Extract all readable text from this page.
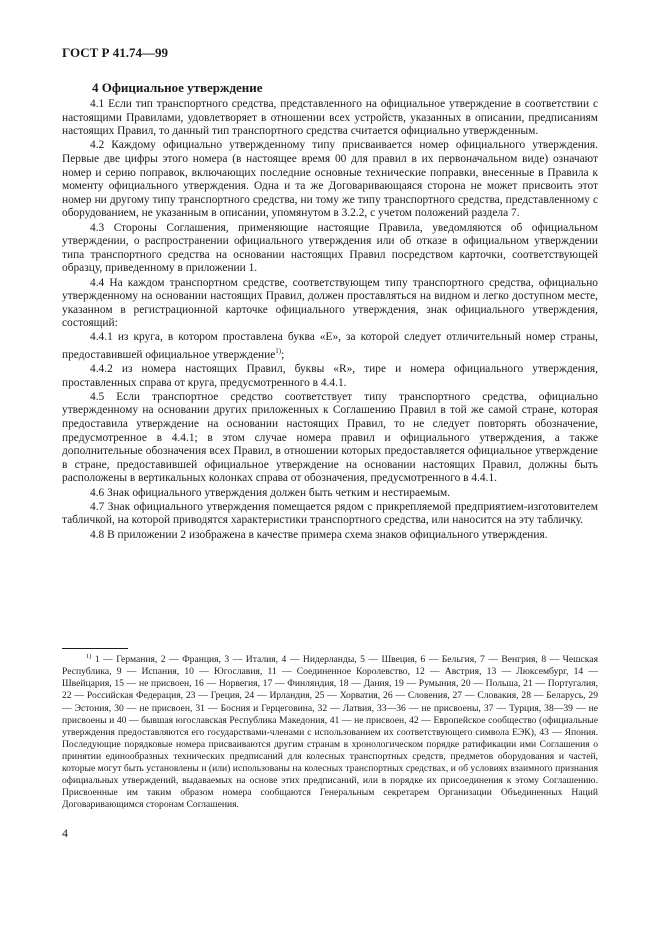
ГОСТ Р 41.74—99
4 Официальное утверждение

4.1 Если тип транспортного средства, представленного на официальное утверждение в соответствии с настоящими Правилами, удовлетворяет в отношении всех устройств, указанных в описании, предписаниям настоящих Правил, то данный тип транспортного средства считается официально утвержденным.

4.2 Каждому официально утвержденному типу присваивается номер официального утверждения. Первые две цифры этого номера (в настоящее время 00 для правил в их первоначальном виде) означают номер и серию поправок, включающих последние основные технические поправки, внесенные в Правила к моменту официального утверждения. Одна и та же Договаривающаяся сторона не может присвоить этот номер ни другому типу транспортного средства, ни тому же типу транспортного средства, представленному с оборудованием, не указанным в описании, упомянутом в 3.2.2, с учетом положений раздела 7.

4.3 Стороны Соглашения, применяющие настоящие Правила, уведомляются об официальном утверждении, о распространении официального утверждения или об отказе в официальном утверждении типа транспортного средства на основании настоящих Правил посредством карточки, соответствующей образцу, приведенному в приложении 1.

4.4 На каждом транспортном средстве, соответствующем типу транспортного средства, официально утвержденному на основании настоящих Правил, должен проставляться на видном и легко доступном месте, указанном в регистрационной карточке официального утверждения, знак официального утверждения, состоящий:

4.4.1 из круга, в котором проставлена буква «Е», за которой следует отличительный номер страны, предоставившей официальное утверждение$^{1)}$;

4.4.2 из номера настоящих Правил, буквы «R», тире и номера официального утверждения, проставленных справа от круга, предусмотренного в 4.4.1.

4.5 Если транспортное средство соответствует типу транспортного средства, официально утвержденному на основании других приложенных к Соглашению Правил в той же самой стране, которая предоставила утверждение на основании настоящих Правил, то не следует повторять обозначение, предусмотренное в 4.4.1; в этом случае номера правил и официального утверждения, а также дополнительные обозначения всех Правил, в отношении которых предоставляется официальное утверждение в стране, предоставившей официальное утверждение на основании настоящих Правил, должны быть расположены в вертикальных колонках справа от обозначения, предусмотренного в 4.4.1.

4.6 Знак официального утверждения должен быть четким и нестираемым.

4.7 Знак официального утверждения помещается рядом с прикрепляемой предприятием-изготовителем табличкой, на которой приводятся характеристики транспортного средства, или наносится на эту табличку.

4.8 В приложении 2 изображена в качестве примера схема знаков официального утверждения.

$^{1)}$ 1 — Германия, 2 — Франция, 3 — Италия, 4 — Нидерланды, 5 — Швеция, 6 — Бельгия, 7 — Венгрия, 8 — Чешская Республика, 9 — Испания, 10 — Югославия, 11 — Соединенное Королевство, 12 — Австрия, 13 — Люксембург, 14 — Швейцария, 15 — не присвоен, 16 — Норвегия, 17 — Финляндия, 18 — Дания, 19 — Румыния, 20 — Польша, 21 — Португалия, 22 — Российская Федерация, 23 — Греция, 24 — Ирландия, 25 — Хорватия, 26 — Словения, 27 — Словакия, 28 — Беларусь, 29 — Эстония, 30 — не присвоен, 31 — Босния и Герцеговина, 32 — Латвия, 33—36 — не присвоены, 37 — Турция, 38—39 — не присвоены и 40 — бывшая югославская Республика Македония, 41 — не присвоен, 42 — Европейское сообщество (официальные утверждения предоставляются его государствами-членами с использованием их соответствующего символа ЕЭК), 43 — Япония. Последующие порядковые номера присваиваются другим странам в хронологическом порядке ратификации ими Соглашения о принятии единообразных технических предписаний для колесных транспортных средств, предметов оборудования и частей, которые могут быть установлены и (или) использованы на колесных транспортных средствах, и об условиях взаимного признания официальных утверждений, выдаваемых на основе этих предписаний, или в порядке их присоединения к этому Соглашению. Присвоенные им таким образом номера сообщаются Генеральным секретарем Организации Объединенных Наций Договаривающимся сторонам Соглашения.
4
